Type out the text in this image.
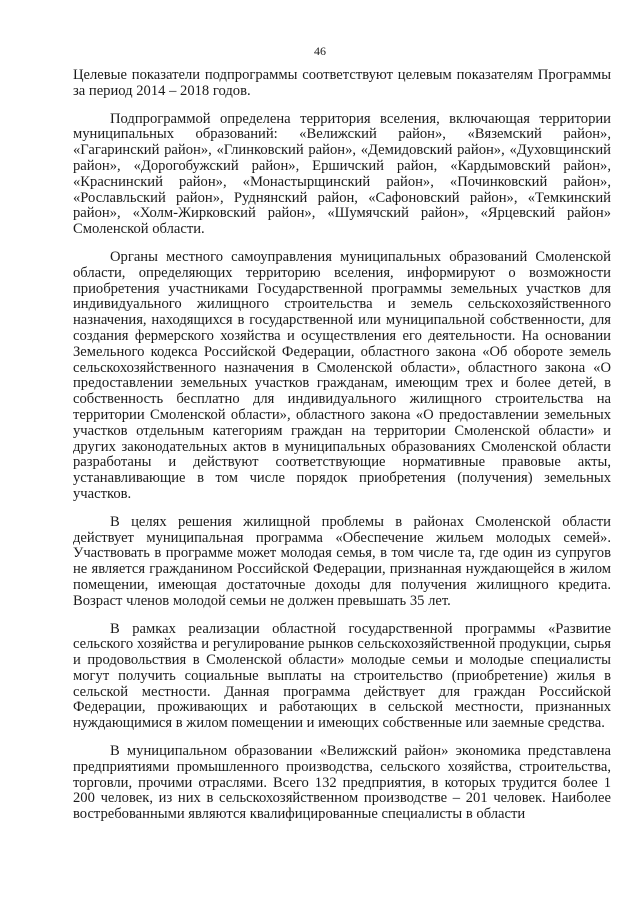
46

Целевые показатели подпрограммы соответствуют целевым показателям Программы за период 2014 – 2018 годов.

Подпрограммой определена территория вселения, включающая территории муниципальных образований: «Велижский район», «Вяземский район», «Гагаринский район», «Глинковский район», «Демидовский район», «Духовщинский район», «Дорогобужский район», Ершичский район, «Кардымовский район», «Краснинский район», «Монастырщинский район», «Починковский район», «Рославльский район», Руднянский район, «Сафоновский район», «Темкинский район», «Холм-Жирковский район», «Шумячский район», «Ярцевский район» Смоленской области.

Органы местного самоуправления муниципальных образований Смоленской области, определяющих территорию вселения, информируют о возможности приобретения участниками Государственной программы земельных участков для индивидуального жилищного строительства и земель сельскохозяйственного назначения, находящихся в государственной или муниципальной собственности, для создания фермерского хозяйства и осуществления его деятельности. На основании Земельного кодекса Российской Федерации, областного закона «Об обороте земель сельскохозяйственного назначения в Смоленской области», областного закона «О предоставлении земельных участков гражданам, имеющим трех и более детей, в собственность бесплатно для индивидуального жилищного строительства на территории Смоленской области», областного закона «О предоставлении земельных участков отдельным категориям граждан на территории Смоленской области» и других законодательных актов в муниципальных образованиях Смоленской области разработаны и действуют соответствующие нормативные правовые акты, устанавливающие в том числе порядок приобретения (получения) земельных участков.

В целях решения жилищной проблемы в районах Смоленской области действует муниципальная программа «Обеспечение жильем молодых семей». Участвовать в программе может молодая семья, в том числе та, где один из супругов не является гражданином Российской Федерации, признанная нуждающейся в жилом помещении, имеющая достаточные доходы для получения жилищного кредита. Возраст членов молодой семьи не должен превышать 35 лет.

В рамках реализации областной государственной программы «Развитие сельского хозяйства и регулирование рынков сельскохозяйственной продукции, сырья и продовольствия в Смоленской области» молодые семьи и молодые специалисты могут получить социальные выплаты на строительство (приобретение) жилья в сельской местности. Данная программа действует для граждан Российской Федерации, проживающих и работающих в сельской местности, признанных нуждающимися в жилом помещении и имеющих собственные или заемные средства.

В муниципальном образовании «Велижский район» экономика представлена предприятиями промышленного производства, сельского хозяйства, строительства, торговли, прочими отраслями. Всего 132 предприятия, в которых трудится более 1 200 человек, из них в сельскохозяйственном производстве – 201 человек. Наиболее востребованными являются квалифицированные специалисты в области
